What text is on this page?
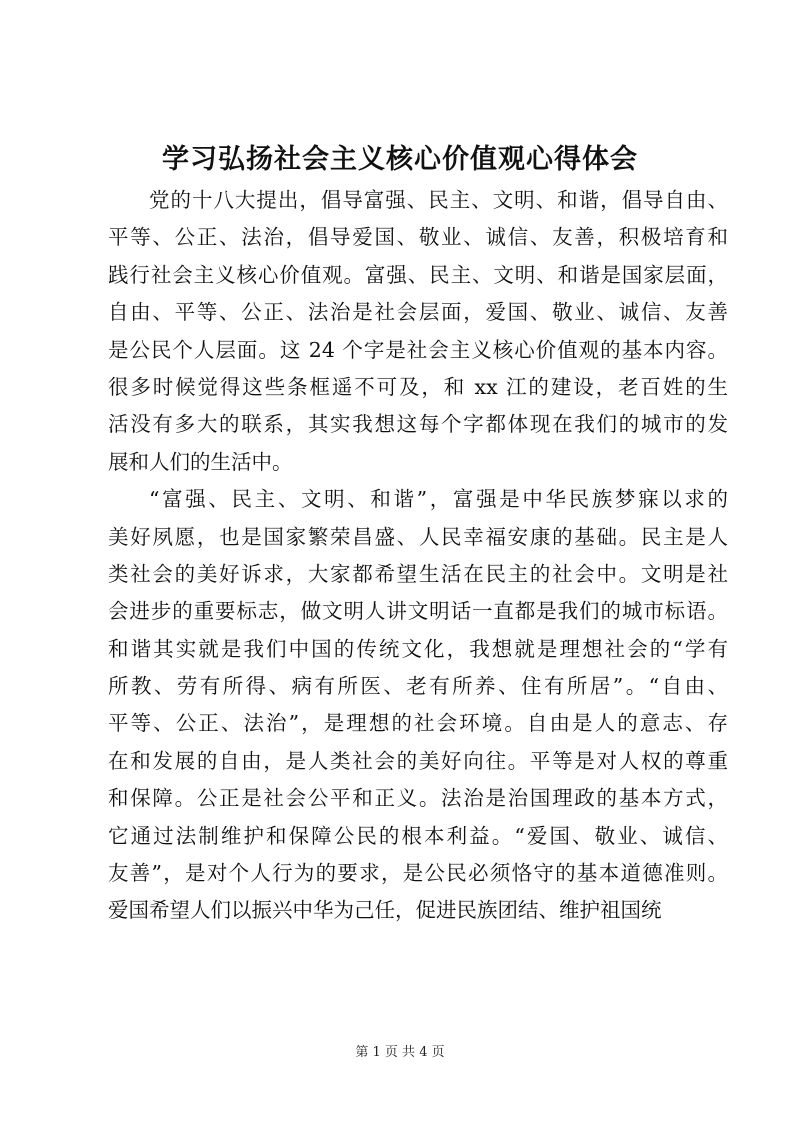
学习弘扬社会主义核心价值观心得体会
党的十八大提出，倡导富强、民主、文明、和谐，倡导自由、
平等、公正、法治，倡导爱国、敬业、诚信、友善，积极培育和
践行社会主义核心价值观。富强、民主、文明、和谐是国家层面，
自由、平等、公正、法治是社会层面，爱国、敬业、诚信、友善
是公民个人层面。这 24 个字是社会主义核心价值观的基本内容。
很多时候觉得这些条框遥不可及，和 xx 江的建设，老百姓的生
活没有多大的联系，其实我想这每个字都体现在我们的城市的发
展和人们的生活中。
“富强、民主、文明、和谐”，富强是中华民族梦寐以求的
美好夙愿，也是国家繁荣昌盛、人民幸福安康的基础。民主是人
类社会的美好诉求，大家都希望生活在民主的社会中。文明是社
会进步的重要标志，做文明人讲文明话一直都是我们的城市标语。
和谐其实就是我们中国的传统文化，我想就是理想社会的“学有
所教、劳有所得、病有所医、老有所养、住有所居”。“自由、
平等、公正、法治”，是理想的社会环境。自由是人的意志、存
在和发展的自由，是人类社会的美好向往。平等是对人权的尊重
和保障。公正是社会公平和正义。法治是治国理政的基本方式，
它通过法制维护和保障公民的根本利益。“爱国、敬业、诚信、
友善”，是对个人行为的要求，是公民必须恪守的基本道德准则。
爱国希望人们以振兴中华为己任，促进民族团结、维护祖国统
第 1 页 共 4 页
